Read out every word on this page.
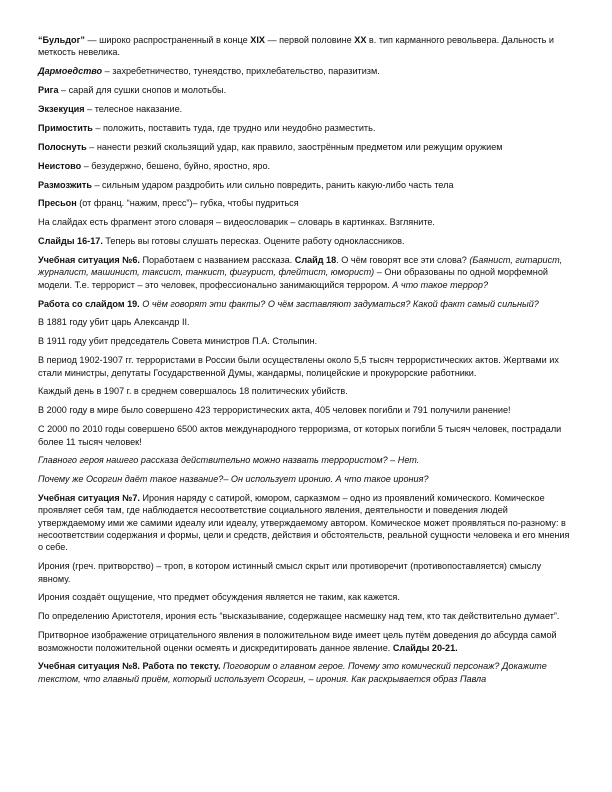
“Бульдог” — широко распространенный в конце XIX — первой половине XX в. тип карманного револьвера. Дальность и меткость невелика.

Дармоедство – захребетничество, тунеядство, прихлебательство, паразитизм.

Рига – сарай для сушки снопов и молотьбы.

Экзекуция – телесное наказание.

Примостить – положить, поставить туда, где трудно или неудобно разместить.

Полоснуть – нанести резкий скользящий удар, как правило, заострённым предметом или режущим оружием

Неистово – безудержно, бешено, буйно, яростно, яро.

Размозжить – сильным ударом раздробить или сильно повредить, ранить какую-либо часть тела

Пресьон (от франц. “нажим, пресс”)– губка, чтобы пудриться

На слайдах есть фрагмент этого словаря – видеословарик – словарь в картинках. Взгляните.

Слайды 16-17. Теперь вы готовы слушать пересказ. Оцените работу одноклассников.

Учебная ситуация №6. Поработаем с названием рассказа. Слайд 18. О чём говорят все эти слова? (Баянист, гитарист, журналист, машинист, таксист, танкист, фигурист, флейтист, юморист) – Они образованы по одной морфемной модели. Т.е. террорист – это человек, профессионально занимающийся террором. А что такое террор?

Работа со слайдом 19. О чём говорят эти факты? О чём заставляют задуматься? Какой факт самый сильный?

В 1881 году убит царь Александр II.

В 1911 году убит председатель Совета министров П.А. Столыпин.

В период 1902-1907 гг. террористами в России были осуществлены около 5,5 тысяч террористических актов. Жертвами их стали министры, депутаты Государственной Думы, жандармы, полицейские и прокурорские работники.

Каждый день в 1907 г. в среднем совершалось 18 политических убийств.

В 2000 году в мире было совершено 423 террористических акта, 405 человек погибли и 791 получили ранение!

С 2000 по 2010 годы совершено 6500 актов международного терроризма, от которых погибли 5 тысяч человек, пострадали более 11 тысяч человек!

Главного героя нашего рассказа действительно можно назвать террористом? – Нет.

Почему же Осоргин даёт такое название?– Он использует иронию. А что такое ирония?

Учебная ситуация №7. Ирония наряду с сатирой, юмором, сарказмом – одно из проявлений комического. Комическое проявляет себя там, где наблюдается несоответствие социального явления, деятельности и поведения людей утверждаемому ими же самими идеалу или идеалу, утверждаемому автором. Комическое может проявляться по-разному: в несоответствии содержания и формы, цели и средств, действия и обстоятельств, реальной сущности человека и его мнения о себе.

Ирония (греч. притворство) – троп, в котором истинный смысл скрыт или противоречит (противопоставляется) смыслу явному.

Ирония создаёт ощущение, что предмет обсуждения является не таким, как кажется.

По определению Аристотеля, ирония есть “высказывание, содержащее насмешку над тем, кто так действительно думает”.

Притворное изображение отрицательного явления в положительном виде имеет цель путём доведения до абсурда самой возможности положительной оценки осмеять и дискредитировать данное явление. Слайды 20-21.

Учебная ситуация №8. Работа по тексту. Поговорим о главном герое. Почему это комический персонаж? Докажите текстом, что главный приём, который использует Осоргин, – ирония. Как раскрывается образ Павла
